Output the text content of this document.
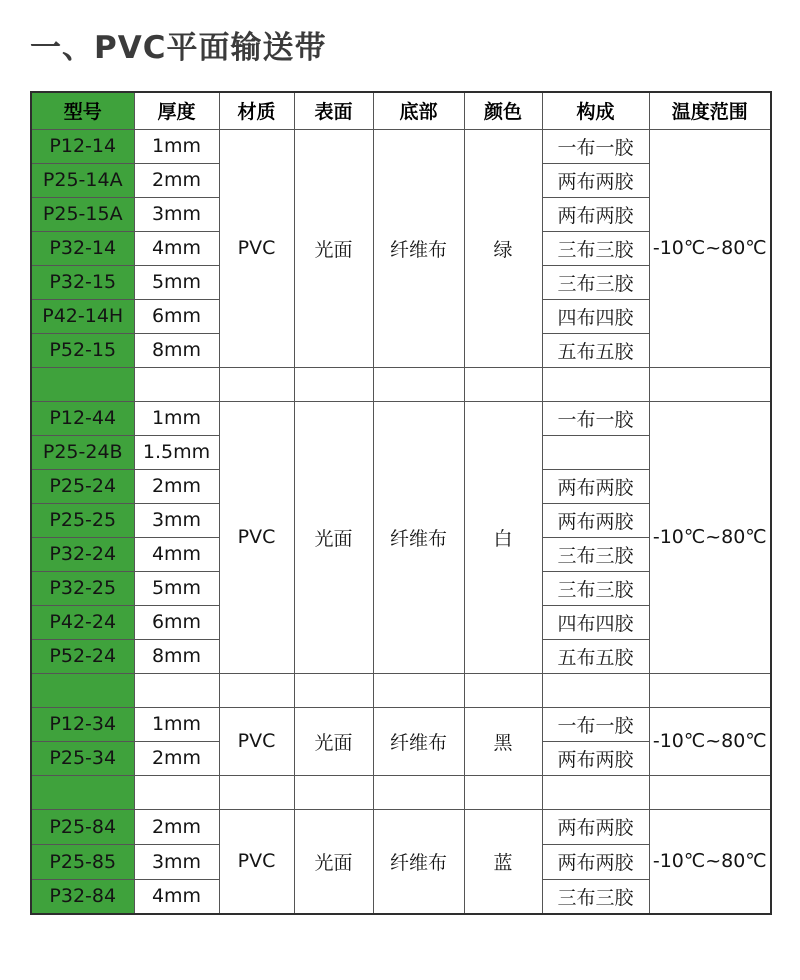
一、PVC平面输送带
型号	厚度	材质	表面	底部	颜色	构成	温度范围
P12-14	1mm	PVC	光面	纤维布	绿	一布一胶	-10℃~80℃
P25-14A	2mm					两布两胶	
P25-15A	3mm					两布两胶	
P32-14	4mm					三布三胶	
P32-15	5mm					三布三胶	
P42-14H	6mm					四布四胶	
P52-15	8mm					五布五胶	

P12-44	1mm	PVC	光面	纤维布	白	一布一胶	-10℃~80℃
P25-24B	1.5mm						
P25-24	2mm					两布两胶	
P25-25	3mm					两布两胶	
P32-24	4mm					三布三胶	
P32-25	5mm					三布三胶	
P42-24	6mm					四布四胶	
P52-24	8mm					五布五胶	

P12-34	1mm	PVC	光面	纤维布	黑	一布一胶	-10℃~80℃
P25-34	2mm					两布两胶	

P25-84	2mm	PVC	光面	纤维布	蓝	两布两胶	-10℃~80℃
P25-85	3mm					两布两胶	
P32-84	4mm					三布三胶	
